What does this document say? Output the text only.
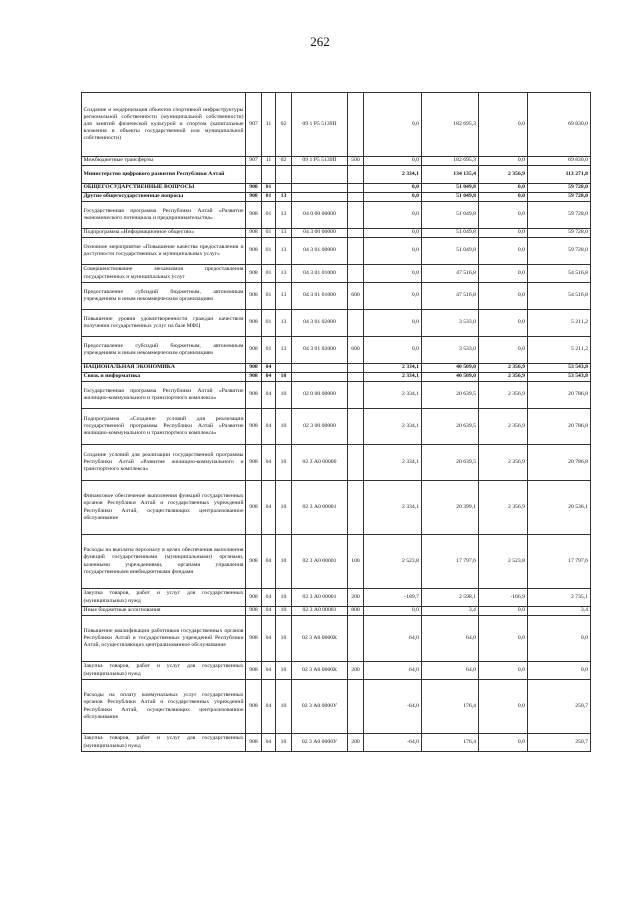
262
Создание и модернизация объектов спортивной инфраструктуры региональной собственности (муниципальной собственности) для занятий физической культурой и спортом (капитальные вложения в объекты государственной или муниципальной собственности)	907	11	02	09 1 P5 5139П		0,0	182 695,3	0,0	69 830,0
Межбюджетные трансферты	907	11	02	09 1 P5 5139П	500	0,0	182 695,3	0,0	69 830,0
Министерство цифрового развития Республики Алтай						2 334,1	134 135,4	2 356,9	113 271,8
ОБЩЕГОСУДАРСТВЕННЫЕ ВОПРОСЫ	908	01				0,0	51 049,8	0,0	59 728,0
Другие общегосударственные вопросы	908	01	13			0,0	51 049,8	0,0	59 728,0
Государственная программа Республики Алтай «Развитие экономического потенциала и предпринимательства»	908	01	13	04 0 00 00000		0,0	51 049,8	0,0	59 728,0
Подпрограмма «Информационное общество»	908	01	13	04 3 00 00000		0,0	51 049,8	0,0	59 728,0
Основное мероприятие «Повышение качества предоставления и доступности государственных и муниципальных услуг»	908	01	13	04 3 01 00000		0,0	51 049,8	0,0	59 728,0
Совершенствование механизмов предоставления государственных и муниципальных услуг	908	01	13	04 3 01 01000		0,0	47 516,8	0,0	54 516,8
Предоставление субсидий бюджетным, автономным учреждениям и иным некоммерческим организациям	908	01	13	04 3 01 01000	600	0,0	47 516,8	0,0	54 516,8
Повышение уровня удовлетворенности граждан качеством получения государственных услуг на базе МФЦ	908	01	13	04 3 01 02000		0,0	3 533,0	0,0	5 211,2
Предоставление субсидий бюджетным, автономным учреждениям и иным некоммерческим организациям	908	01	13	04 3 01 02000	600	0,0	3 533,0	0,0	5 211,2
НАЦИОНАЛЬНАЯ ЭКОНОМИКА	908	04				2 334,1	40 509,0	2 356,9	53 543,8
Связь и информатика	908	04	10			2 334,1	40 509,0	2 356,9	53 543,8
Государственная программа Республики Алтай «Развитие жилищно-коммунального и транспортного комплекса»	908	04	10	02 0 00 00000		2 334,1	20 639,5	2 356,9	20 786,8
Подпрограмма «Создание условий для реализации государственной программы Республики Алтай «Развитие жилищно-коммунального и транспортного комплекса»	908	04	10	02 3 00 00000		2 334,1	20 639,5	2 356,9	20 786,8
Создание условий для реализации государственной программы Республики Алтай «Развитие жилищно-коммунального и транспортного комплекса»	908	04	10	02 3 А0 00000		2 334,1	20 639,5	2 356,9	20 786,8
Финансовое обеспечение выполнения функций государственных органов Республики Алтай и государственных учреждений Республики Алтай, осуществляющих централизованное обслуживание	908	04	10	02 3 А0 00001		2 334,1	20 399,1	2 356,9	20 536,1
Расходы на выплаты персоналу в целях обеспечения выполнения функций государственными (муниципальными) органами, казенными учреждениями, органами управления государственными внебюджетными фондами	908	04	10	02 3 А0 00001	100	2 523,8	17 797,6	2 523,8	17 797,6
Закупка товаров, работ и услуг для государственных (муниципальных) нужд	908	04	10	02 3 А0 00001	200	-189,7	2 598,1	-166,9	2 735,1
Иные бюджетные ассигнования	908	04	10	02 3 А0 00001	800	0,0	3,4	0,0	3,4
Повышение квалификации работников государственных органов Республики Алтай и государственных учреждений Республики Алтай, осуществляющих централизованное обслуживание	908	04	10	02 3 А0 0000К		64,0	64,0	0,0	0,0
Закупка товаров, работ и услуг для государственных (муниципальных) нужд	908	04	10	02 3 А0 0000К	200	64,0	64,0	0,0	0,0
Расходы на оплату коммунальных услуг государственных органов Республики Алтай и государственных учреждений Республики Алтай, осуществляющих централизованное обслуживание	908	04	10	02 3 А0 0000У		-64,0	176,4	0,0	250,7
Закупка товаров, работ и услуг для государственных (муниципальных) нужд	908	04	10	02 3 А0 0000У	200	-64,0	176,4	0,0	250,7
